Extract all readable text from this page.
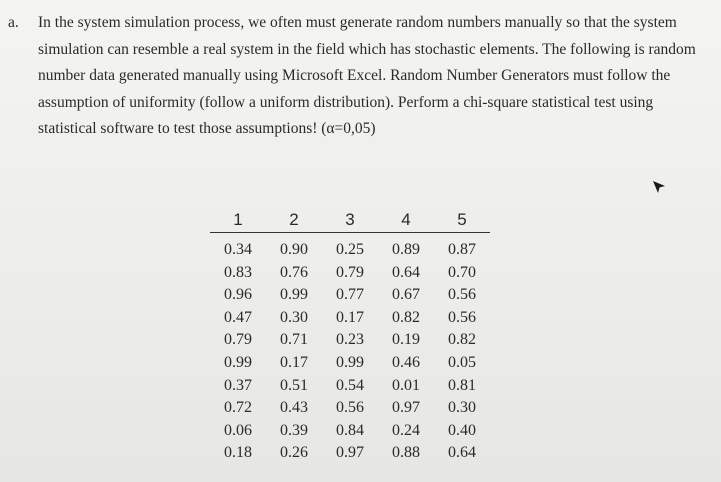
a. In the system simulation process, we often must generate random numbers manually so that the system simulation can resemble a real system in the field which has stochastic elements. The following is random number data generated manually using Microsoft Excel. Random Number Generators must follow the assumption of uniformity (follow a uniform distribution). Perform a chi-square statistical test using statistical software to test those assumptions! (α=0,05)
1	2	3	4	5
0.34	0.90	0.25	0.89	0.87
0.83	0.76	0.79	0.64	0.70
0.96	0.99	0.77	0.67	0.56
0.47	0.30	0.17	0.82	0.56
0.79	0.71	0.23	0.19	0.82
0.99	0.17	0.99	0.46	0.05
0.37	0.51	0.54	0.01	0.81
0.72	0.43	0.56	0.97	0.30
0.06	0.39	0.84	0.24	0.40
0.18	0.26	0.97	0.88	0.64
